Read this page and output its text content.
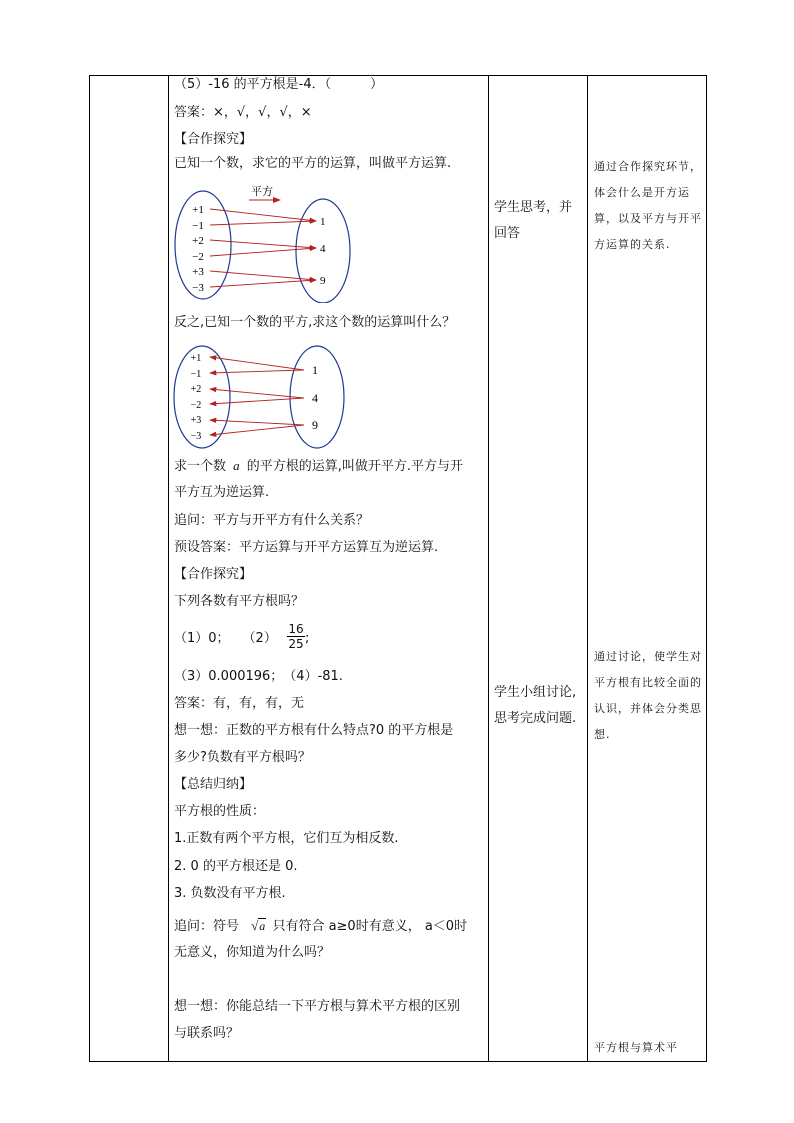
（5）-16 的平方根是-4．（　　　）
答案：×，√，√，√，×
【合作探究】
已知一个数，求它的平方的运算，叫做平方运算.
平方
+1
−1
+2
−2
+3
−3
1
4
9
反之,已知一个数的平方,求这个数的运算叫什么？
+1
−1
+2
−2
+3
−3
1
4
9
求一个数 a 的平方根的运算,叫做开平方.平方与开
平方互为逆运算.
追问：平方与开平方有什么关系？
预设答案：平方运算与开平方运算互为逆运算.
【合作探究】
下列各数有平方根吗？
（1）0；　　$(2) \frac{16}{25}$ ;
（3）0.000196；　（4）-81.
答案：有，有，有，无
想一想：正数的平方根有什么特点?0 的平方根是
多少?负数有平方根吗？
【总结归纳】
平方根的性质：
1.正数有两个平方根，它们互为相反数.
2. 0 的平方根还是 0.
3. 负数没有平方根.
追问：符号 √a 只有符合 a≥0时有意义， a＜0时
无意义，你知道为什么吗？
想一想：你能总结一下平方根与算术平方根的区别
与联系吗？
学生思考，并回答
学生小组讨论,思考完成问题.
通过合作探究环节，体会什么是开方运算，以及平方与开平方运算的关系.
通过讨论，使学生对平方根有比较全面的认识，并体会分类思想.
平方根与算术平
